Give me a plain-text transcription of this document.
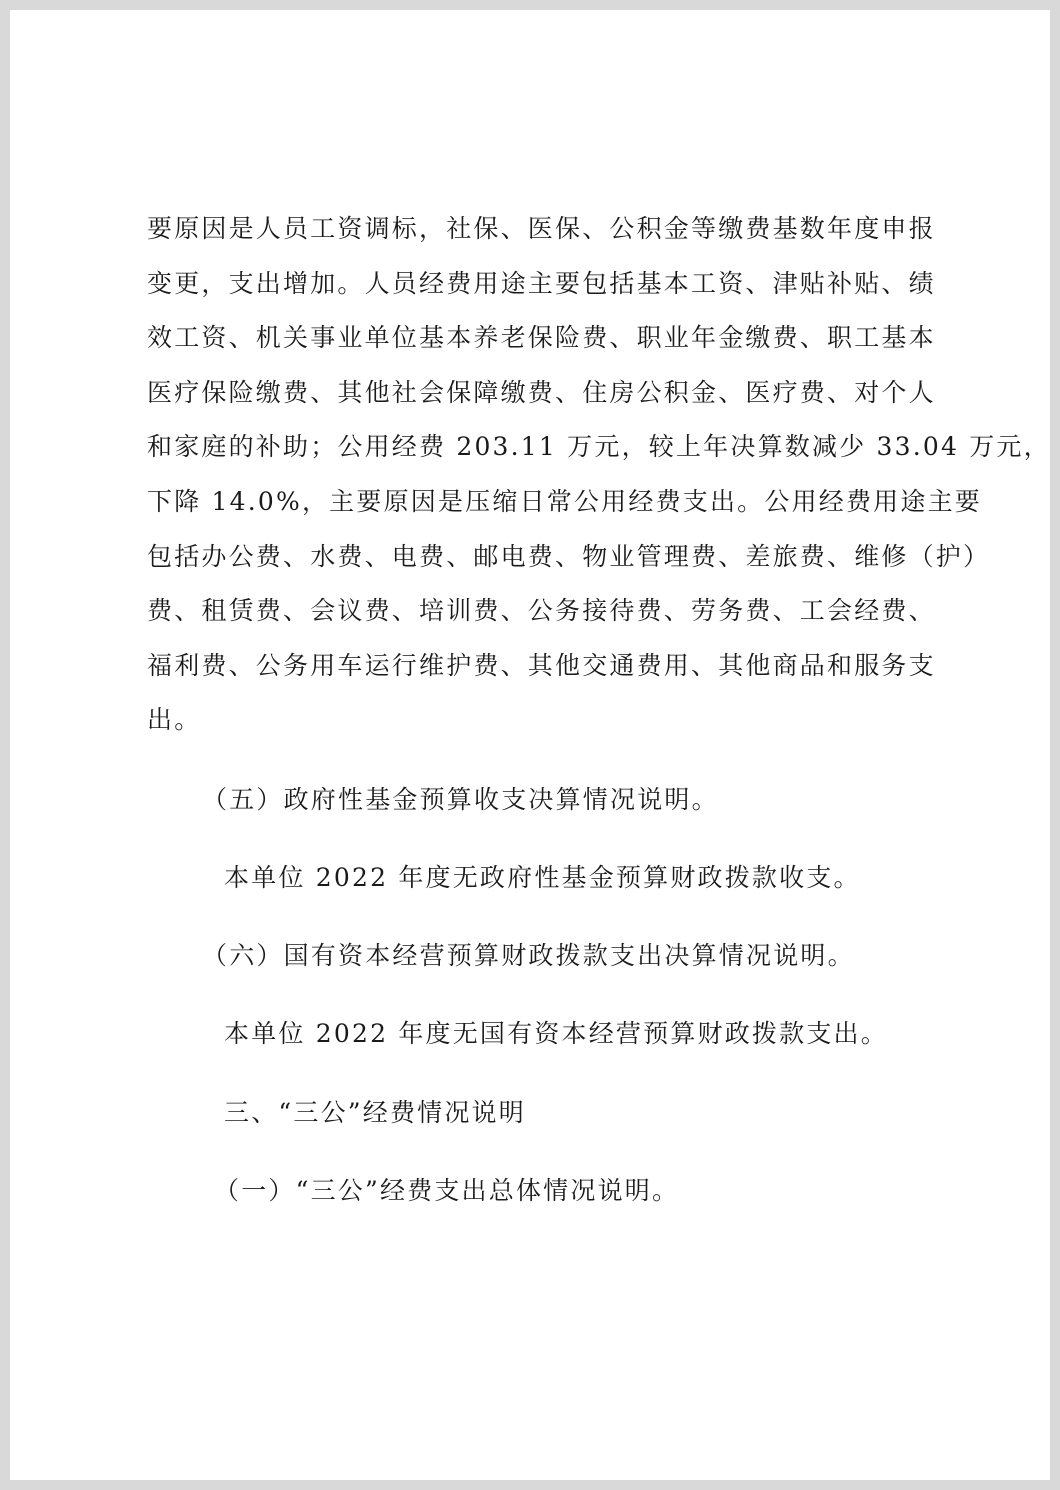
要原因是人员工资调标，社保、医保、公积金等缴费基数年度申报
变更，支出增加。人员经费用途主要包括基本工资、津贴补贴、绩
效工资、机关事业单位基本养老保险费、职业年金缴费、职工基本
医疗保险缴费、其他社会保障缴费、住房公积金、医疗费、对个人
和家庭的补助；公用经费 203.11 万元，较上年决算数减少 33.04 万元，
下降 14.0%，主要原因是压缩日常公用经费支出。公用经费用途主要
包括办公费、水费、电费、邮电费、物业管理费、差旅费、维修（护）
费、租赁费、会议费、培训费、公务接待费、劳务费、工会经费、
福利费、公务用车运行维护费、其他交通费用、其他商品和服务支
出。
（五）政府性基金预算收支决算情况说明。
本单位 2022 年度无政府性基金预算财政拨款收支。
（六）国有资本经营预算财政拨款支出决算情况说明。
本单位 2022 年度无国有资本经营预算财政拨款支出。
三、“三公”经费情况说明
（一）“三公”经费支出总体情况说明。
